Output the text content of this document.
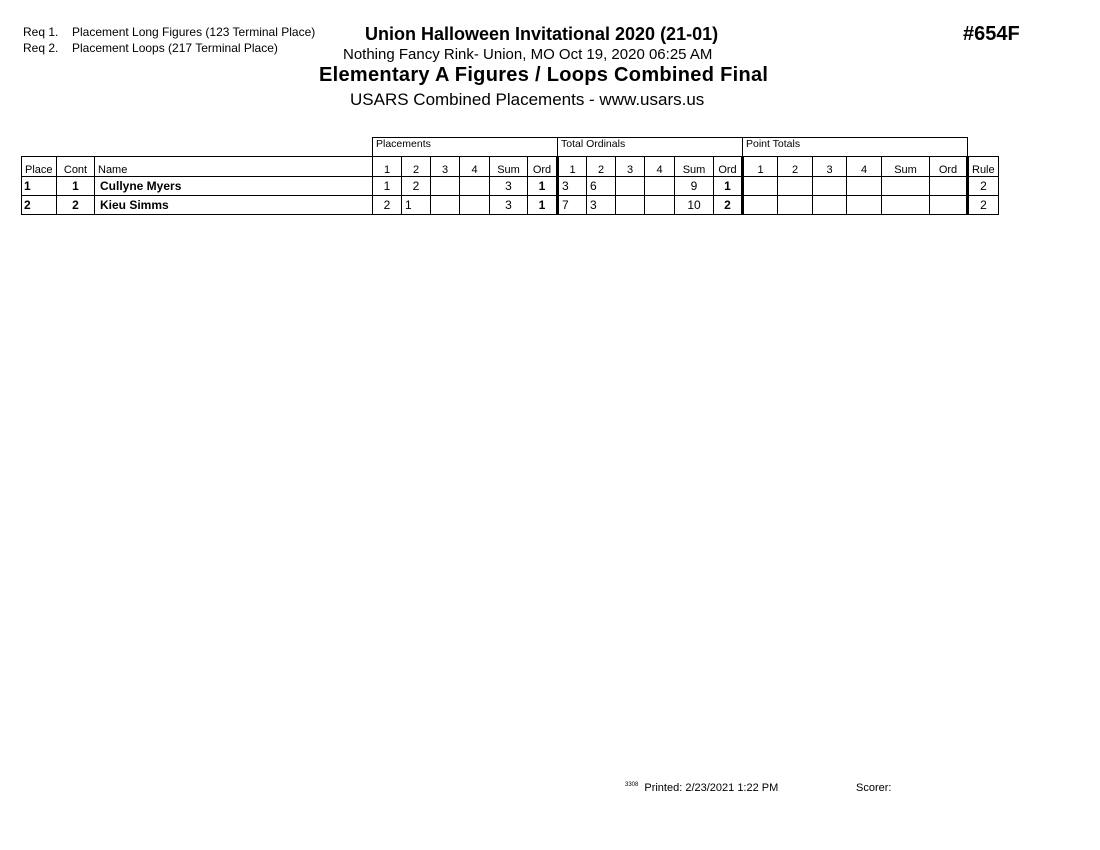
Req 1. Placement Long Figures (123 Terminal Place)
Req 2. Placement Loops (217 Terminal Place)
Union Halloween Invitational 2020 (21-01)	#654F
Nothing Fancy Rink- Union, MO Oct 19, 2020 06:25 AM
Elementary A Figures / Loops Combined Final
USARS Combined Placements - www.usars.us
			Placements						Total Ordinals						Point Totals						
Place	Cont	Name	1	2	3	4	Sum	Ord	1	2	3	4	Sum	Ord	1	2	3	4	Sum	Ord	Rule
1	1	Cullyne Myers	1	2			3	1	3	6			9	1							2
2	2	Kieu Simms	2	1			3	1	7	3			10	2							2
$^{3308}$ Printed: 2/23/2021 1:22 PM	Scorer:
